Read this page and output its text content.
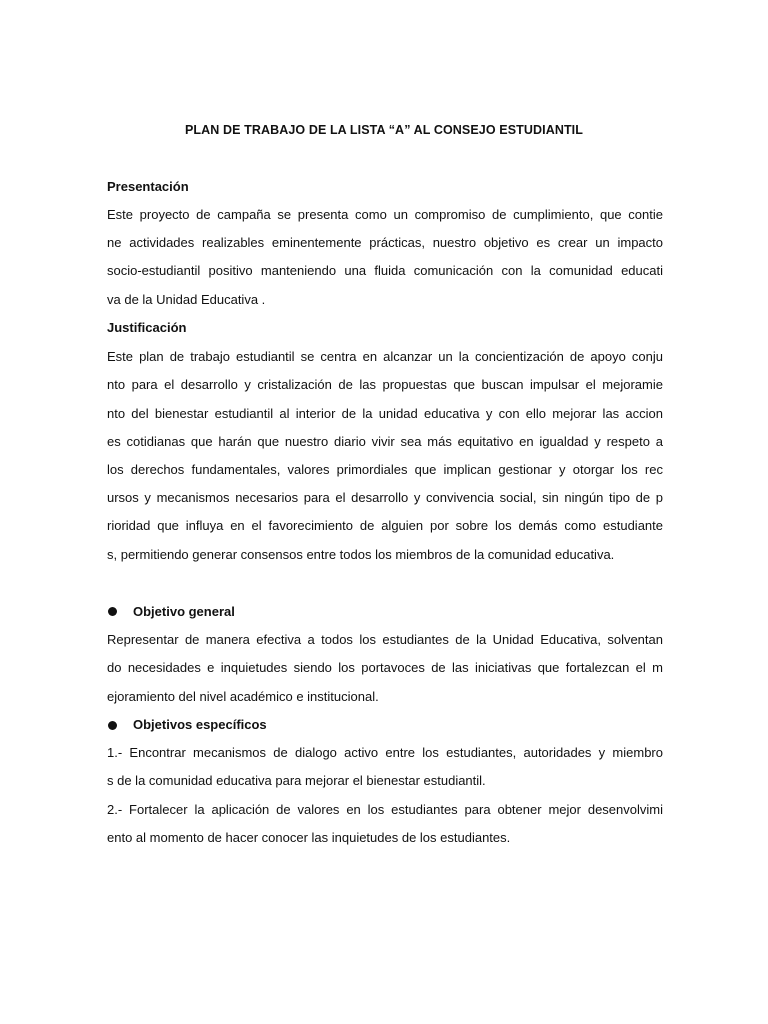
PLAN DE TRABAJO DE LA LISTA “A” AL CONSEJO ESTUDIANTIL
Presentación
Este proyecto de campaña se presenta como un compromiso de cumplimiento, que contie
ne actividades realizables eminentemente prácticas, nuestro objetivo es crear un impacto
socio-estudiantil positivo manteniendo una fluida comunicación con la comunidad educati
va de la Unidad Educativa .
Justificación
Este plan de trabajo estudiantil se centra en alcanzar un la concientización de apoyo conju
nto para el desarrollo y cristalización de las propuestas que buscan impulsar el mejoramie
nto del bienestar estudiantil al interior de la unidad educativa y con ello mejorar las accion
es cotidianas que harán que nuestro diario vivir sea más equitativo en igualdad y respeto a
los derechos fundamentales, valores primordiales que implican gestionar y otorgar los rec
ursos y mecanismos necesarios para el desarrollo y convivencia social, sin ningún tipo de p
rioridad que influya en el favorecimiento de alguien por sobre los demás como estudiante
s, permitiendo generar consensos entre todos los miembros de la comunidad educativa.
Objetivo general
Representar de manera efectiva a todos los estudiantes de la Unidad Educativa, solventan
do necesidades e inquietudes siendo los portavoces de las iniciativas que fortalezcan el m
ejoramiento del nivel académico e institucional.
Objetivos específicos
1.- Encontrar mecanismos de dialogo activo entre los estudiantes, autoridades y miembro
s de la comunidad educativa para mejorar el bienestar estudiantil.
2.- Fortalecer la aplicación de valores en los estudiantes para obtener mejor desenvolvimi
ento al momento de hacer conocer las inquietudes de los estudiantes.
